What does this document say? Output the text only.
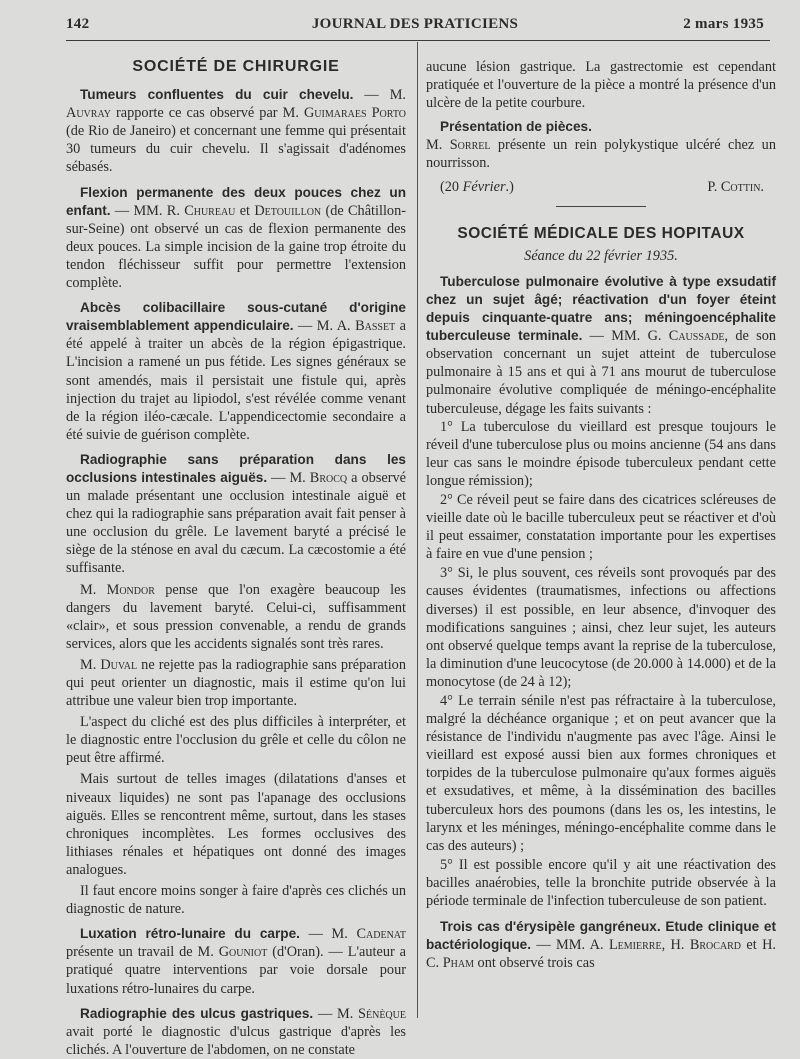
142	JOURNAL DES PRATICIENS	2 mars 1935
SOCIÉTÉ DE CHIRURGIE

Tumeurs confluentes du cuir chevelu. — M. Auvray rapporte ce cas observé par M. Guimaraes Porto (de Rio de Janeiro) et concernant une femme qui présentait 30 tumeurs du cuir chevelu. Il s'agissait d'adénomes sébasés.

Flexion permanente des deux pouces chez un enfant. — MM. R. Chureau et Detouillon (de Châtillon-sur-Seine) ont observé un cas de flexion permanente des deux pouces. La simple incision de la gaine trop étroite du tendon fléchisseur suffit pour permettre l'extension complète.

Abcès colibacillaire sous-cutané d'origine vraisemblablement appendiculaire. — M. A. Basset a été appelé à traiter un abcès de la région épigastrique. L'incision a ramené un pus fétide. Les signes généraux se sont amendés, mais il persistait une fistule qui, après injection du trajet au lipiodol, s'est révélée comme venant de la région iléo-cæcale. L'appendicectomie secondaire a été suivie de guérison complète.

Radiographie sans préparation dans les occlusions intestinales aiguës. — M. Brocq a observé un malade présentant une occlusion intestinale aiguë et chez qui la radiographie sans préparation avait fait penser à une occlusion du grêle. Le lavement baryté a précisé le siège de la sténose en aval du cæcum. La cæcostomie a été suffisante.

M. Mondor pense que l'on exagère beaucoup les dangers du lavement baryté. Celui-ci, suffisamment «clair», et sous pression convenable, a rendu de grands services, alors que les accidents signalés sont très rares.

M. Duval ne rejette pas la radiographie sans préparation qui peut orienter un diagnostic, mais il estime qu'on lui attribue une valeur bien trop importante.

L'aspect du cliché est des plus difficiles à interpréter, et le diagnostic entre l'occlusion du grêle et celle du côlon ne peut être affirmé.

Mais surtout de telles images (dilatations d'anses et niveaux liquides) ne sont pas l'apanage des occlusions aiguës. Elles se rencontrent même, surtout, dans les stases chroniques incomplètes. Les formes occlusives des lithiases rénales et hépatiques ont donné des images analogues.

Il faut encore moins songer à faire d'après ces clichés un diagnostic de nature.

Luxation rétro-lunaire du carpe. — M. Cadenat présente un travail de M. Gouniot (d'Oran). — L'auteur a pratiqué quatre interventions par voie dorsale pour luxations rétro-lunaires du carpe.

Radiographie des ulcus gastriques. — M. Sénèque avait porté le diagnostic d'ulcus gastrique d'après les clichés. A l'ouverture de l'abdomen, on ne constate

aucune lésion gastrique. La gastrectomie est cependant pratiquée et l'ouverture de la pièce a montré la présence d'un ulcère de la petite courbure.

Présentation de pièces.
M. Sorrel présente un rein polykystique ulcéré chez un nourrisson.

(20 Février.)	P. Cottin.
SOCIÉTÉ MÉDICALE DES HOPITAUX

Séance du 22 février 1935.

Tuberculose pulmonaire évolutive à type exsudatif chez un sujet âgé; réactivation d'un foyer éteint depuis cinquante-quatre ans; méningoencéphalite tuberculeuse terminale. — MM. G. Caussade, de son observation concernant un sujet atteint de tuberculose pulmonaire à 15 ans et qui à 71 ans mourut de tuberculose pulmonaire évolutive compliquée de méningo-encéphalite tuberculeuse, dégage les faits suivants :

1° La tuberculose du vieillard est presque toujours le réveil d'une tuberculose plus ou moins ancienne (54 ans dans leur cas sans le moindre épisode tuberculeux pendant cette longue rémission);

2° Ce réveil peut se faire dans des cicatrices scléreuses de vieille date où le bacille tuberculeux peut se réactiver et d'où il peut essaimer, constatation importante pour les expertises à faire en vue d'une pension ;

3° Si, le plus souvent, ces réveils sont provoqués par des causes évidentes (traumatismes, infections ou affections diverses) il est possible, en leur absence, d'invoquer des modifications sanguines ; ainsi, chez leur sujet, les auteurs ont observé quelque temps avant la reprise de la tuberculose, la diminution d'une leucocytose (de 20.000 à 14.000) et de la monocytose (de 24 à 12);

4° Le terrain sénile n'est pas réfractaire à la tuberculose, malgré la déchéance organique ; et on peut avancer que la résistance de l'individu n'augmente pas avec l'âge. Ainsi le vieillard est exposé aussi bien aux formes chroniques et torpides de la tuberculose pulmonaire qu'aux formes aiguës et exsudatives, et même, à la dissémination des bacilles tuberculeux hors des poumons (dans les os, les intestins, le larynx et les méninges, méningo-encéphalite comme dans le cas des auteurs) ;

5° Il est possible encore qu'il y ait une réactivation des bacilles anaérobies, telle la bronchite putride observée à la période terminale de l'infection tuberculeuse de son patient.

Trois cas d'érysipèle gangréneux. Etude clinique et bactériologique. — MM. A. Lemierre, H. Brocard et H. C. Pham ont observé trois cas
